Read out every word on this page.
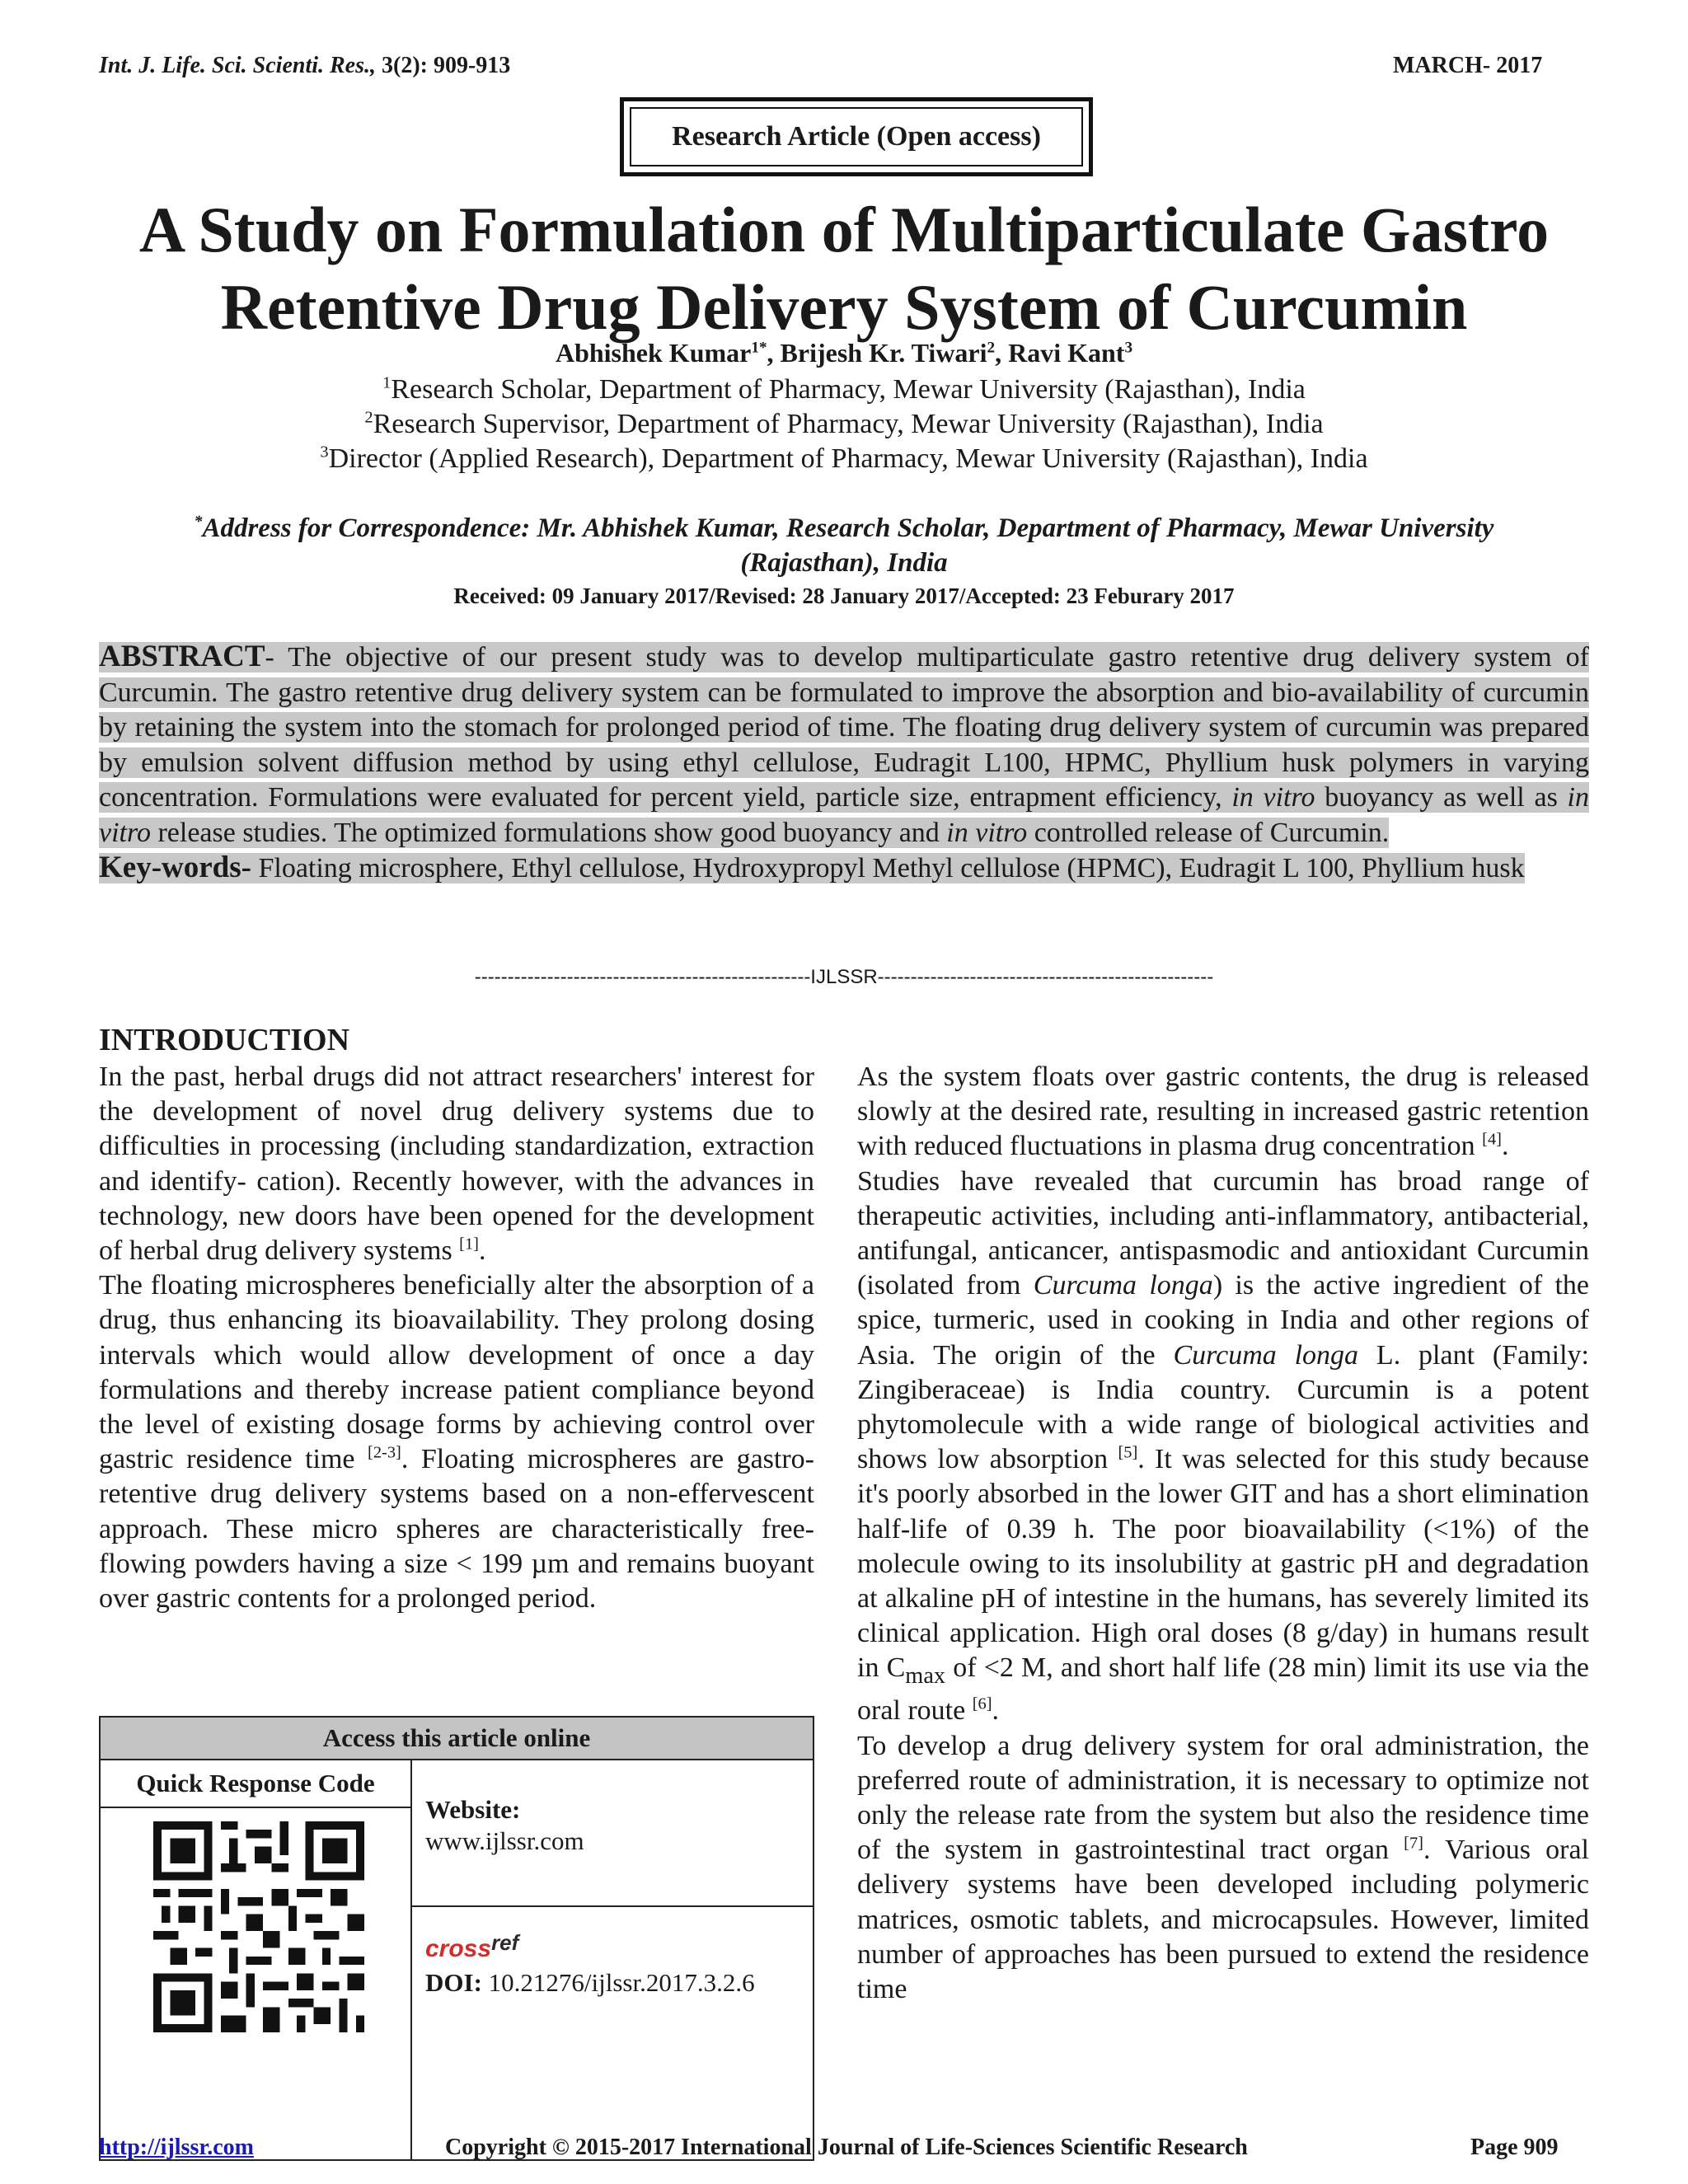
Int. J. Life. Sci. Scienti. Res., 3(2): 909-913	MARCH- 2017
Research Article (Open access)
A Study on Formulation of Multiparticulate Gastro
Retentive Drug Delivery System of Curcumin
Abhishek Kumar$^{1*}$, Brijesh Kr. Tiwari$^2$, Ravi Kant$^3$
$^1$Research Scholar, Department of Pharmacy, Mewar University (Rajasthan), India
$^2$Research Supervisor, Department of Pharmacy, Mewar University (Rajasthan), India
$^3$Director (Applied Research), Department of Pharmacy, Mewar University (Rajasthan), India
*Address for Correspondence: Mr. Abhishek Kumar, Research Scholar, Department of Pharmacy, Mewar University
(Rajasthan), India
Received: 09 January 2017/Revised: 28 January 2017/Accepted: 23 Feburary 2017
ABSTRACT- The objective of our present study was to develop multiparticulate gastro retentive drug delivery system of Curcumin. The gastro retentive drug delivery system can be formulated to improve the absorption and bio-availability of curcumin by retaining the system into the stomach for prolonged period of time. The floating drug delivery system of curcumin was prepared by emulsion solvent diffusion method by using ethyl cellulose, Eudragit L100, HPMC, Phyllium husk polymers in varying concentration. Formulations were evaluated for percent yield, particle size, entrapment efficiency, in vitro buoyancy as well as in vitro release studies. The optimized formulations show good buoyancy and in vitro controlled release of Curcumin.
Key-words- Floating microsphere, Ethyl cellulose, Hydroxypropyl Methyl cellulose (HPMC), Eudragit L 100, Phyllium husk
---------------------------------------------------IJLSSR---------------------------------------------------
INTRODUCTION

In the past, herbal drugs did not attract researchers' interest for the development of novel drug delivery systems due to difficulties in processing (including standardization, extraction and identify- cation). Recently however, with the advances in technology, new doors have been opened for the development of herbal drug delivery systems [1].

The floating microspheres beneficially alter the absorption of a drug, thus enhancing its bioavailability. They prolong dosing intervals which would allow development of once a day formulations and thereby increase patient compliance beyond the level of existing dosage forms by achieving control over gastric residence time [2-3]. Floating microspheres are gastro-retentive drug delivery systems based on a non-effervescent approach. These micro spheres are characteristically free- flowing powders having a size < 199 µm and remains buoyant over gastric contents for a prolonged period.

Access this article online
Quick Response Code
Website:
www.ijlssr.com
crossref
DOI: 10.21276/ijlssr.2017.3.2.6

As the system floats over gastric contents, the drug is released slowly at the desired rate, resulting in increased gastric retention with reduced fluctuations in plasma drug concentration [4].

Studies have revealed that curcumin has broad range of therapeutic activities, including anti-inflammatory, antibacterial, antifungal, anticancer, antispasmodic and antioxidant Curcumin (isolated from Curcuma longa) is the active ingredient of the spice, turmeric, used in cooking in India and other regions of Asia. The origin of the Curcuma longa L. plant (Family: Zingiberaceae) is India country. Curcumin is a potent phytomolecule with a wide range of biological activities and shows low absorption [5]. It was selected for this study because it's poorly absorbed in the lower GIT and has a short elimination half-life of 0.39 h. The poor bioavailability (<1%) of the molecule owing to its insolubility at gastric pH and degradation at alkaline pH of intestine in the humans, has severely limited its clinical application. High oral doses (8 g/day) in humans result in $C_{max}$ of <2 M, and short half life (28 min) limit its use via the oral route [6].

To develop a drug delivery system for oral administration, the preferred route of administration, it is necessary to optimize not only the release rate from the system but also the residence time of the system in gastrointestinal tract organ [7]. Various oral delivery systems have been developed including polymeric matrices, osmotic tablets, and microcapsules. However, limited number of approaches has been pursued to extend the residence time

http://ijlssr.com	Copyright © 2015-2017 International Journal of Life-Sciences Scientific Research	Page 909
